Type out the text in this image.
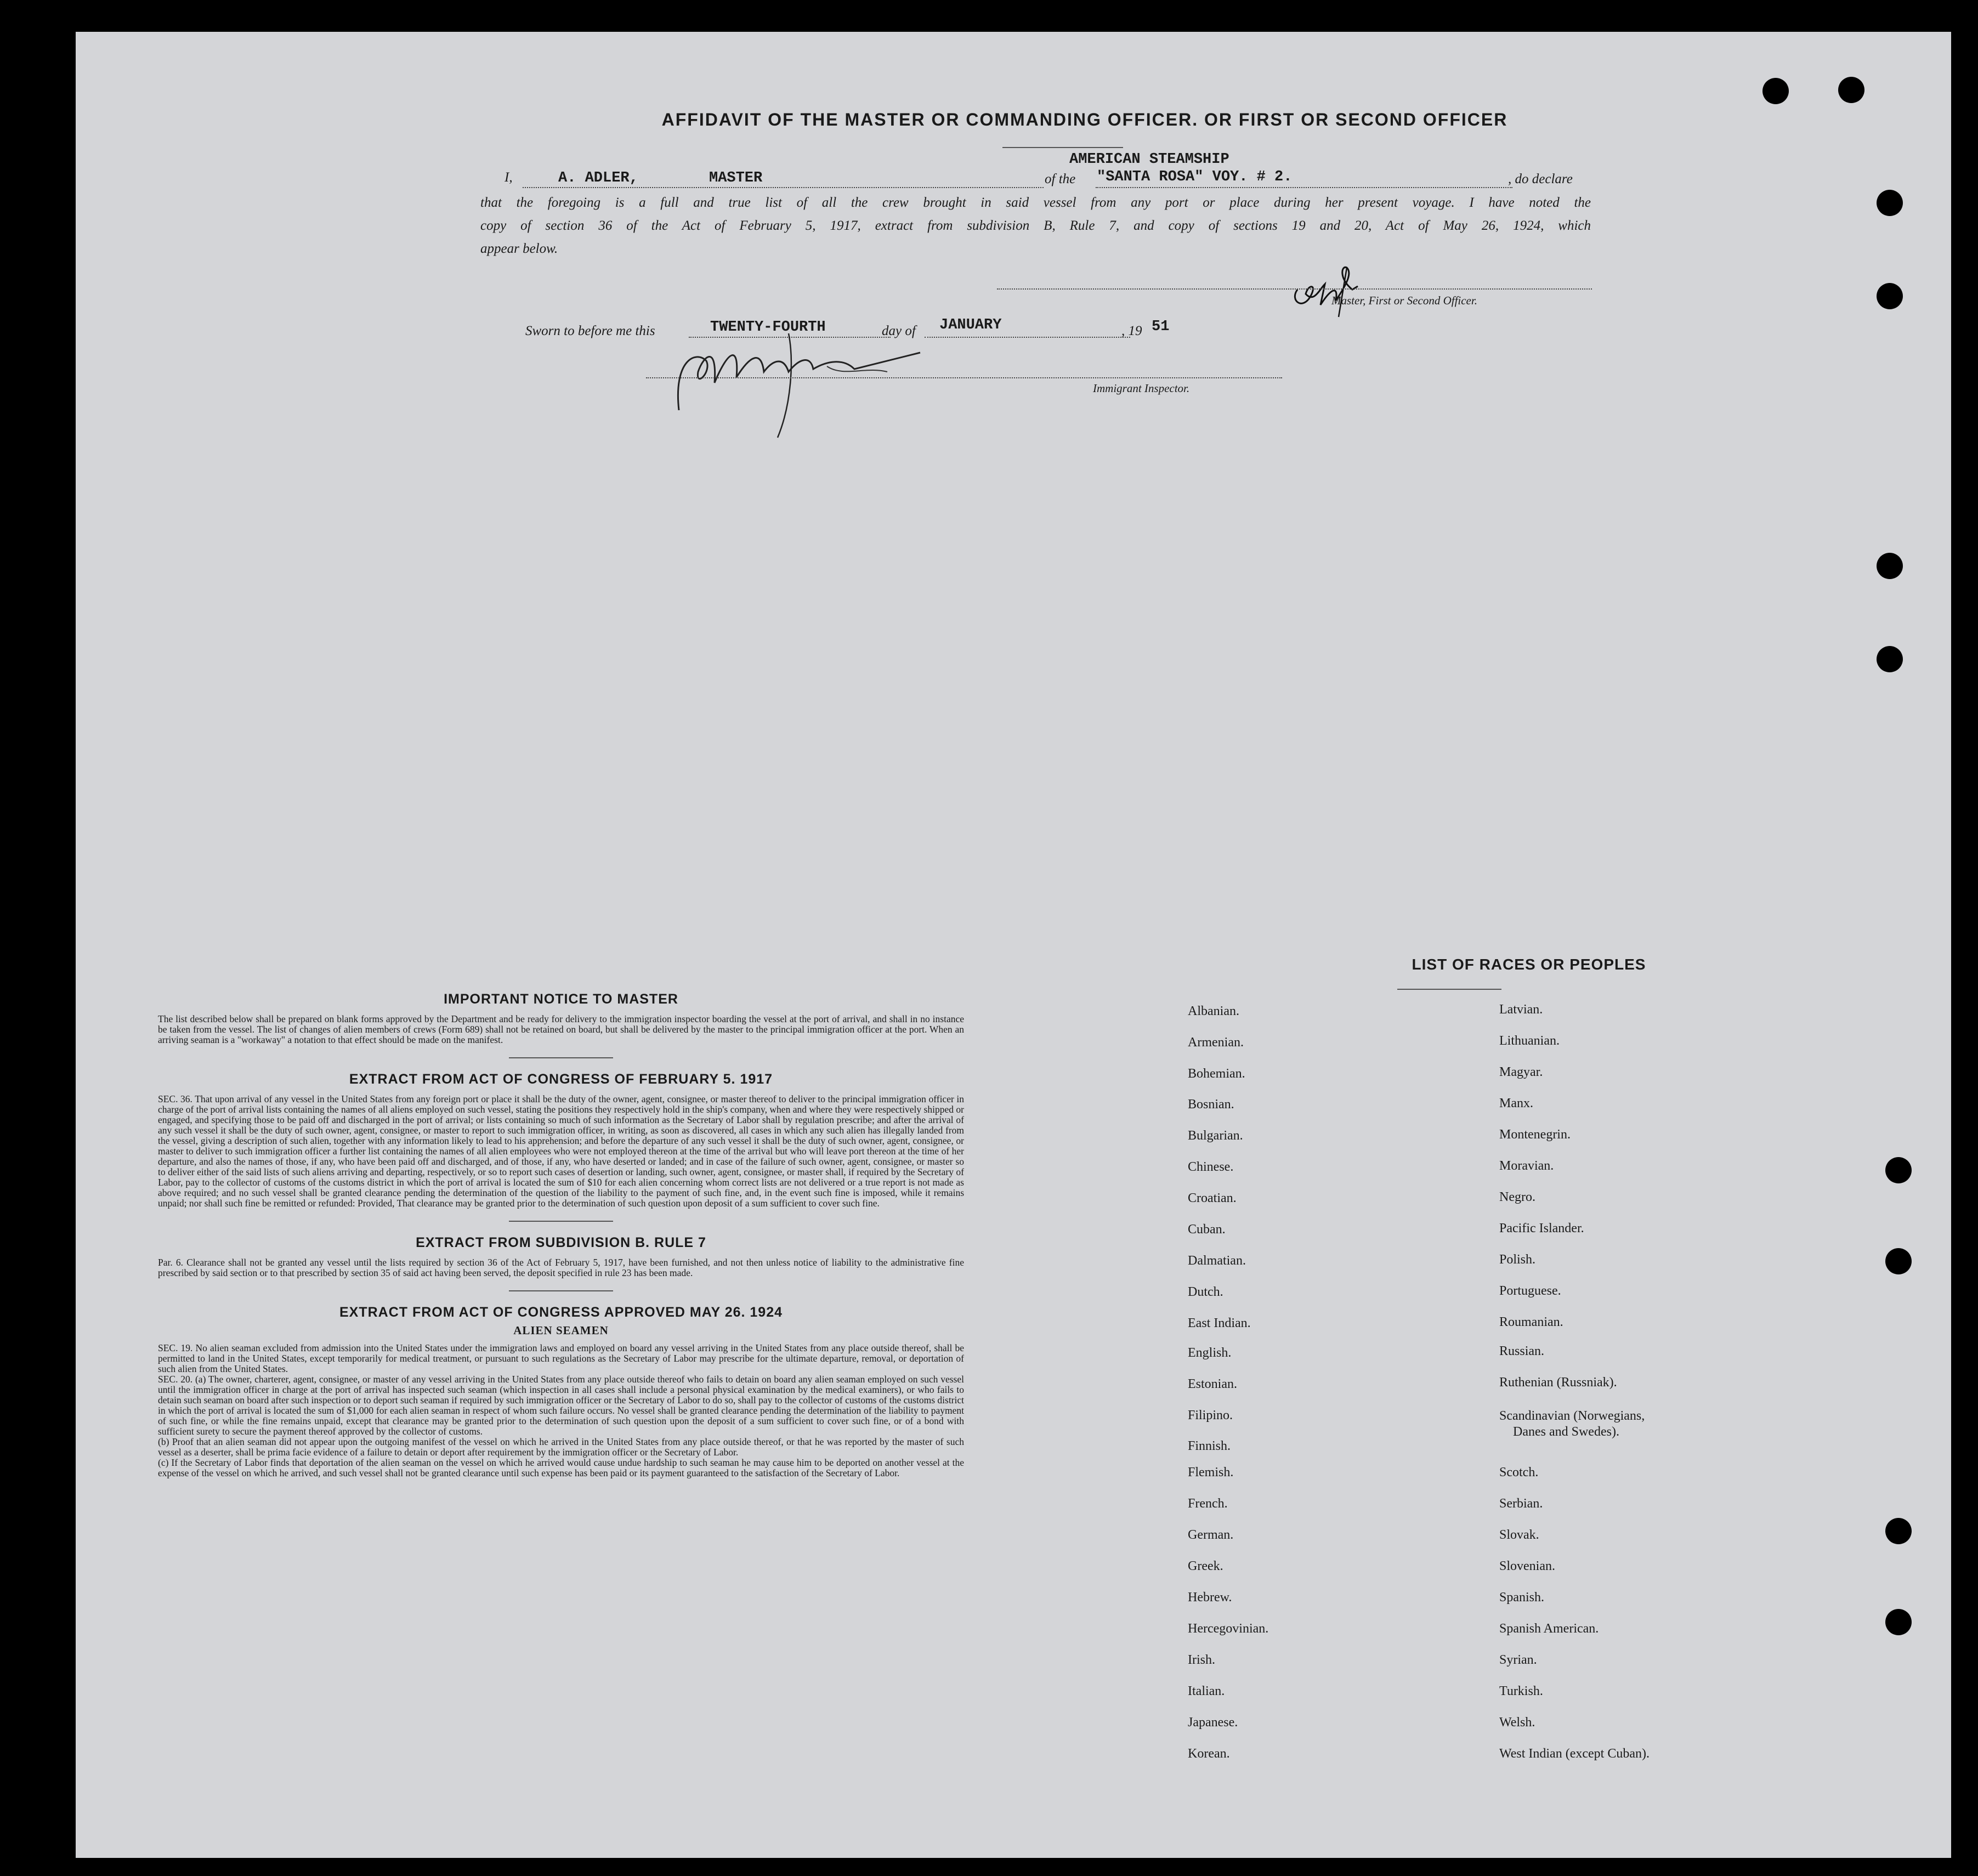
AFFIDAVIT OF THE MASTER OR COMMANDING OFFICER. OR FIRST OR SECOND OFFICER
I,	A. ADLER,	MASTER	of the
AMERICAN STEAMSHIP
"SANTA ROSA" VOY. # 2.	, do declare
that the foregoing is a full and true list of all the crew brought in said vessel from any port or place during her present voyage. I have noted the
copy of section 36 of the Act of February 5, 1917, extract from subdivision B, Rule 7, and copy of sections 19 and 20, Act of May 26, 1924, which
appear below.
Master, First or Second Officer.
Sworn to before me this	TWENTY-FOURTH	day of JANUARY	, 19 51
Immigrant Inspector.
IMPORTANT NOTICE TO MASTER
The list described below shall be prepared on blank forms approved by the Department and be ready for delivery to the immigration inspector boarding the vessel at the port of arrival, and shall in no instance be taken from the vessel. The list of changes of alien members of crews (Form 689) shall not be retained on board, but shall be delivered by the master to the principal immigration officer at the port. When an arriving seaman is a "workaway" a notation to that effect should be made on the manifest.
EXTRACT FROM ACT OF CONGRESS OF FEBRUARY 5. 1917
SEC. 36. That upon arrival of any vessel in the United States from any foreign port or place it shall be the duty of the owner, agent, consignee, or master thereof to deliver to the principal immigration officer in charge of the port of arrival lists containing the names of all aliens employed on such vessel, stating the positions they respectively hold in the ship's company, when and where they were respectively shipped or engaged, and specifying those to be paid off and discharged in the port of arrival; or lists containing so much of such information as the Secretary of Labor shall by regulation prescribe; and after the arrival of any such vessel it shall be the duty of such owner, agent, consignee, or master to report to such immigration officer, in writing, as soon as discovered, all cases in which any such alien has illegally landed from the vessel, giving a description of such alien, together with any information likely to lead to his apprehension; and before the departure of any such vessel it shall be the duty of such owner, agent, consignee, or master to deliver to such immigration officer a further list containing the names of all alien employees who were not employed thereon at the time of the arrival but who will leave port thereon at the time of her departure, and also the names of those, if any, who have been paid off and discharged, and of those, if any, who have deserted or landed; and in case of the failure of such owner, agent, consignee, or master so to deliver either of the said lists of such aliens arriving and departing, respectively, or so to report such cases of desertion or landing, such owner, agent, consignee, or master shall, if required by the Secretary of Labor, pay to the collector of customs of the customs district in which the port of arrival is located the sum of $10 for each alien concerning whom correct lists are not delivered or a true report is not made as above required; and no such vessel shall be granted clearance pending the determination of the question of the liability to the payment of such fine, and, in the event such fine is imposed, while it remains unpaid; nor shall such fine be remitted or refunded: Provided, That clearance may be granted prior to the determination of such question upon deposit of a sum sufficient to cover such fine.
EXTRACT FROM SUBDIVISION B. RULE 7
Par. 6. Clearance shall not be granted any vessel until the lists required by section 36 of the Act of February 5, 1917, have been furnished, and not then unless notice of liability to the administrative fine prescribed by said section or to that prescribed by section 35 of said act having been served, the deposit specified in rule 23 has been made.
EXTRACT FROM ACT OF CONGRESS APPROVED MAY 26. 1924
ALIEN SEAMEN
SEC. 19. No alien seaman excluded from admission into the United States under the immigration laws and employed on board any vessel arriving in the United States from any place outside thereof, shall be permitted to land in the United States, except temporarily for medical treatment, or pursuant to such regulations as the Secretary of Labor may prescribe for the ultimate departure, removal, or deportation of such alien from the United States.
SEC. 20. (a) The owner, charterer, agent, consignee, or master of any vessel arriving in the United States from any place outside thereof who fails to detain on board any alien seaman employed on such vessel until the immigration officer in charge at the port of arrival has inspected such seaman (which inspection in all cases shall include a personal physical examination by the medical examiners), or who fails to detain such seaman on board after such inspection or to deport such seaman if required by such immigration officer or the Secretary of Labor to do so, shall pay to the collector of customs of the customs district in which the port of arrival is located the sum of $1,000 for each alien seaman in respect of whom such failure occurs. No vessel shall be granted clearance pending the determination of the liability to payment of such fine, or while the fine remains unpaid, except that clearance may be granted prior to the determination of such question upon the deposit of a sum sufficient to cover such fine, or of a bond with sufficient surety to secure the payment thereof approved by the collector of customs.
(b) Proof that an alien seaman did not appear upon the outgoing manifest of the vessel on which he arrived in the United States from any place outside thereof, or that he was reported by the master of such vessel as a deserter, shall be prima facie evidence of a failure to detain or deport after requirement by the immigration officer or the Secretary of Labor.
(c) If the Secretary of Labor finds that deportation of the alien seaman on the vessel on which he arrived would cause undue hardship to such seaman he may cause him to be deported on another vessel at the expense of the vessel on which he arrived, and such vessel shall not be granted clearance until such expense has been paid or its payment guaranteed to the satisfaction of the Secretary of Labor.
LIST OF RACES OR PEOPLES
Albanian.
Armenian.
Bohemian.
Bosnian.
Bulgarian.
Chinese.
Croatian.
Cuban.
Dalmatian.
Dutch.
East Indian.
English.
Estonian.
Filipino.
Finnish.
Flemish.
French.
German.
Greek.
Hebrew.
Hercegovinian.
Irish.
Italian.
Japanese.
Korean.
Latvian.
Lithuanian.
Magyar.
Manx.
Montenegrin.
Moravian.
Negro.
Pacific Islander.
Polish.
Portuguese.
Roumanian.
Russian.
Ruthenian (Russniak).
Scandinavian (Norwegians,
Danes and Swedes).
Scotch.
Serbian.
Slovak.
Slovenian.
Spanish.
Spanish American.
Syrian.
Turkish.
Welsh.
West Indian (except Cuban).
